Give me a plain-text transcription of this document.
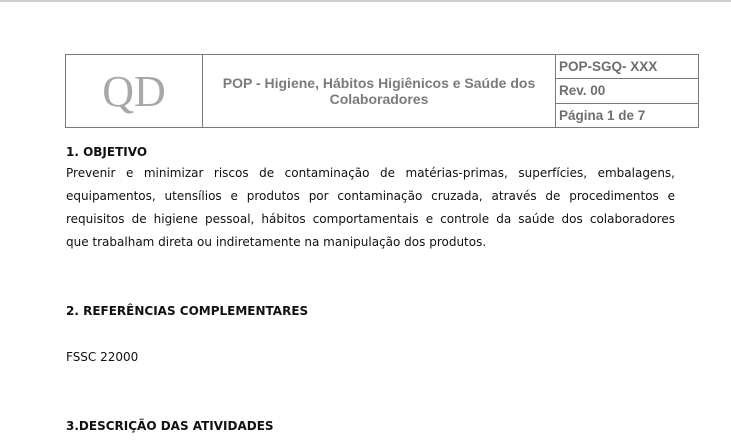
QD	POP - Higiene, Hábitos Higiênicos e Saúde dos
Colaboradores
POP-SGQ- XXX
Rev. 00
Página 1 de 7
1. OBJETIVO
Prevenir e minimizar riscos de contaminação de matérias-primas, superfícies, embalagens,
equipamentos, utensílios e produtos por contaminação cruzada, através de procedimentos e
requisitos de higiene pessoal, hábitos comportamentais e controle da saúde dos colaboradores
que trabalham direta ou indiretamente na manipulação dos produtos.
2. REFERÊNCIAS COMPLEMENTARES
FSSC 22000
3.DESCRIÇÃO DAS ATIVIDADES
